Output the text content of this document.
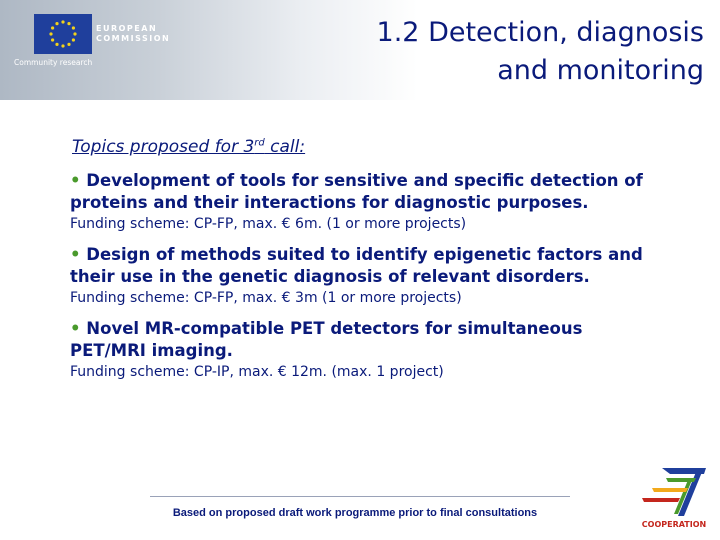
EUROPEAN
COMMISSION
Community research
1.2 Detection, diagnosis
and monitoring
Topics proposed for 3rd call:
• Development of tools for sensitive and specific detection of
proteins and their interactions for diagnostic purposes.
Funding scheme: CP-FP, max. € 6m. (1 or more projects)
• Design of methods suited to identify epigenetic factors and
their use in the genetic diagnosis of relevant disorders.
Funding scheme: CP-FP, max. € 3m (1 or more projects)
• Novel MR-compatible PET detectors for simultaneous
PET/MRI imaging.
Funding scheme: CP-IP, max. € 12m. (max. 1 project)
Based on proposed draft work programme prior to final consultations
COOPERATION
